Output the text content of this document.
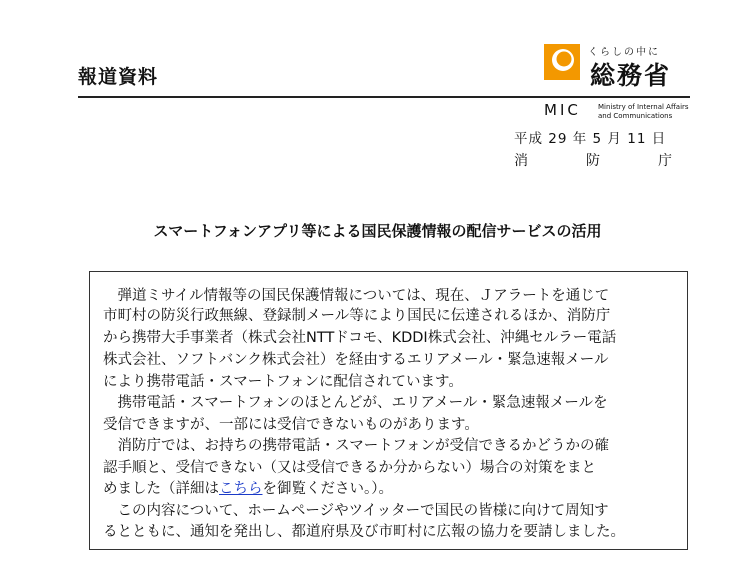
報道資料
くらしの中に
総務省
MIC Ministry of Internal Affairs
and Communications
平成 29 年 5 月 11 日
消	防	庁
スマートフォンアプリ等による国民保護情報の配信サービスの活用
　弾道ミサイル情報等の国民保護情報については、現在、Ｊアラートを通じて
市町村の防災行政無線、登録制メール等により国民に伝達されるほか、消防庁
から携帯大手事業者（株式会社NTTドコモ、KDDI株式会社、沖縄セルラー電話
株式会社、ソフトバンク株式会社）を経由するエリアメール・緊急速報メール
により携帯電話・スマートフォンに配信されています。
　携帯電話・スマートフォンのほとんどが、エリアメール・緊急速報メールを
受信できますが、一部には受信できないものがあります。
　消防庁では、お持ちの携帯電話・スマートフォンが受信できるかどうかの確
認手順と、受信できない（又は受信できるか分からない）場合の対策をまと
めました（詳細はこちらを御覧ください。）。
　この内容について、ホームページやツイッターで国民の皆様に向けて周知す
るとともに、通知を発出し、都道府県及び市町村に広報の協力を要請しました。
